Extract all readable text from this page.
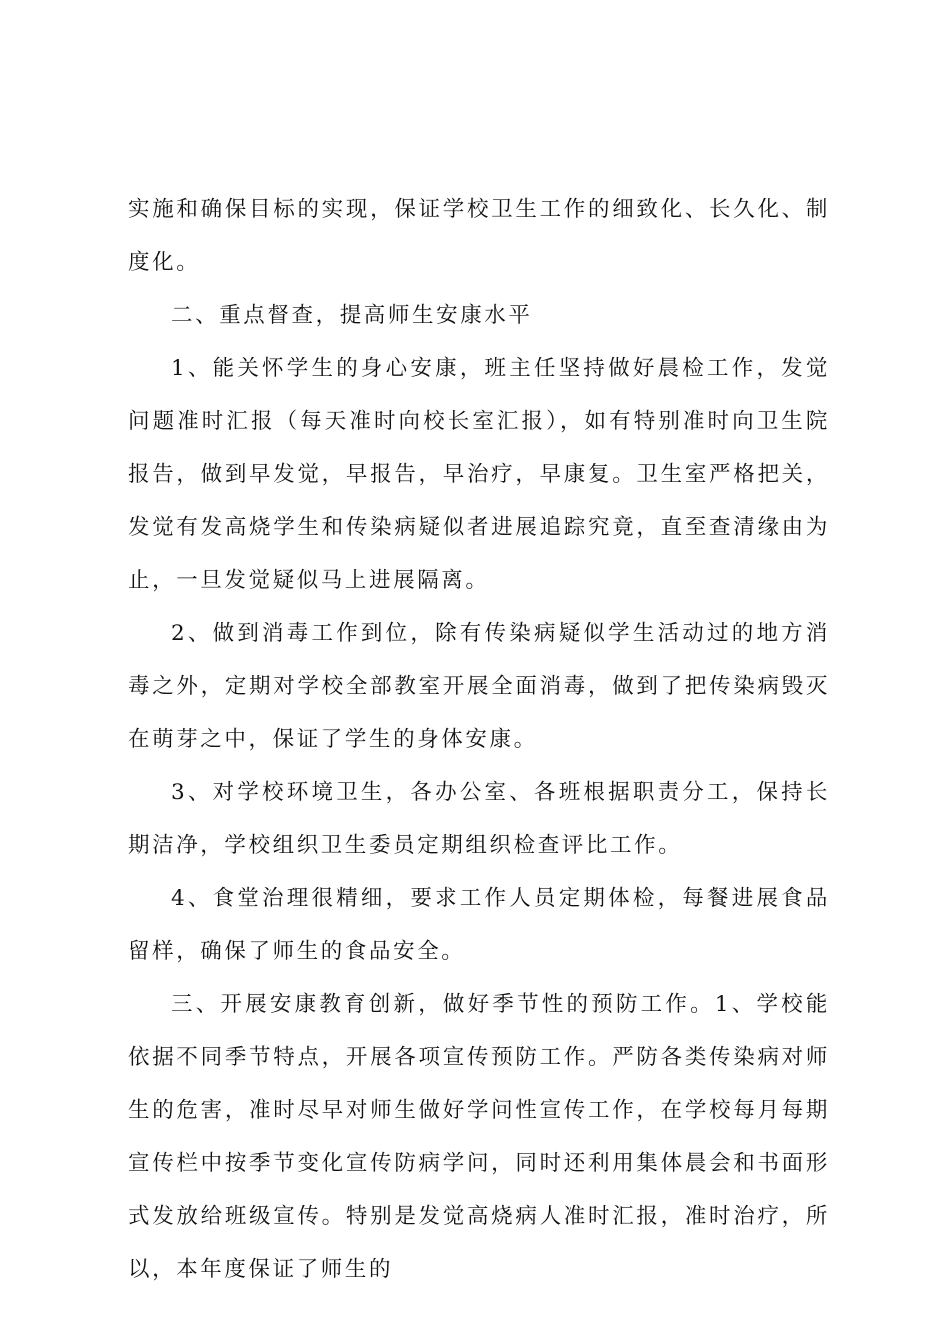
实施和确保目标的实现，保证学校卫生工作的细致化、长久化、制度化。

二、重点督查，提高师生安康水平

1、能关怀学生的身心安康，班主任坚持做好晨检工作，发觉问题准时汇报（每天准时向校长室汇报），如有特别准时向卫生院报告，做到早发觉，早报告，早治疗，早康复。卫生室严格把关，发觉有发高烧学生和传染病疑似者进展追踪究竟，直至查清缘由为止，一旦发觉疑似马上进展隔离。

2、做到消毒工作到位，除有传染病疑似学生活动过的地方消毒之外，定期对学校全部教室开展全面消毒，做到了把传染病毁灭在萌芽之中，保证了学生的身体安康。

3、对学校环境卫生，各办公室、各班根据职责分工，保持长期洁净，学校组织卫生委员定期组织检查评比工作。

4、食堂治理很精细，要求工作人员定期体检，每餐进展食品留样，确保了师生的食品安全。

三、开展安康教育创新，做好季节性的预防工作。1、学校能依据不同季节特点，开展各项宣传预防工作。严防各类传染病对师生的危害，准时尽早对师生做好学问性宣传工作，在学校每月每期宣传栏中按季节变化宣传防病学问，同时还利用集体晨会和书面形式发放给班级宣传。特别是发觉高烧病人准时汇报，准时治疗，所以，本年度保证了师生的
